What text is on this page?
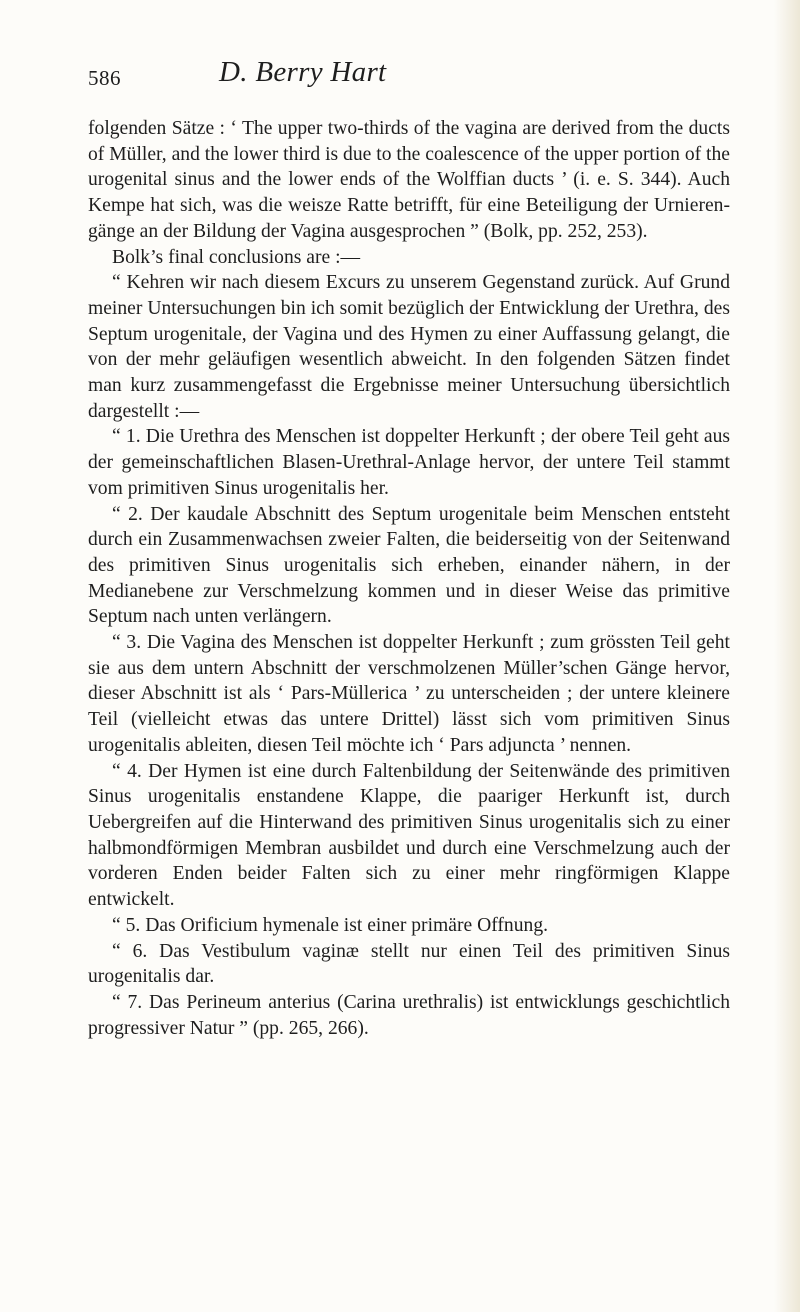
586	D. Berry Hart

folgenden Sätze : ‘ The upper two-thirds of the vagina are derived from the ducts of Müller, and the lower third is due to the coalescence of the upper portion of the urogenital sinus and the lower ends of the Wolffian ducts ’ (i. e. S. 344). Auch Kempe hat sich, was die weisze Ratte betrifft, für eine Beteiligung der Urnierengänge an der Bildung der Vagina ausgesprochen ” (Bolk, pp. 252, 253).

Bolk’s final conclusions are :—

“ Kehren wir nach diesem Excurs zu unserem Gegenstand zurück. Auf Grund meiner Untersuchungen bin ich somit bezüglich der Entwicklung der Urethra, des Septum urogenitale, der Vagina und des Hymen zu einer Auffassung gelangt, die von der mehr geläufigen wesentlich abweicht. In den folgenden Sätzen findet man kurz zusammengefasst die Ergebnisse meiner Untersuchung übersichtlich dargestellt :—

“ 1. Die Urethra des Menschen ist doppelter Herkunft ; der obere Teil geht aus der gemeinschaftlichen Blasen-Urethral-Anlage hervor, der untere Teil stammt vom primitiven Sinus urogenitalis her.

“ 2. Der kaudale Abschnitt des Septum urogenitale beim Menschen entsteht durch ein Zusammenwachsen zweier Falten, die beiderseitig von der Seitenwand des primitiven Sinus urogenitalis sich erheben, einander nähern, in der Medianebene zur Verschmelzung kommen und in dieser Weise das primitive Septum nach unten verlängern.

“ 3. Die Vagina des Menschen ist doppelter Herkunft ; zum grössten Teil geht sie aus dem untern Abschnitt der verschmolzenen Müller’schen Gänge hervor, dieser Abschnitt ist als ‘ Pars-Müllerica ’ zu unterscheiden ; der untere kleinere Teil (vielleicht etwas das untere Drittel) lässt sich vom primitiven Sinus urogenitalis ableiten, diesen Teil möchte ich ‘ Pars adjuncta ’ nennen.

“ 4. Der Hymen ist eine durch Faltenbildung der Seitenwände des primitiven Sinus urogenitalis enstandene Klappe, die paariger Herkunft ist, durch Uebergreifen auf die Hinterwand des primitiven Sinus urogenitalis sich zu einer halbmondförmigen Membran ausbildet und durch eine Verschmelzung auch der vorderen Enden beider Falten sich zu einer mehr ringförmigen Klappe entwickelt.

“ 5. Das Orificium hymenale ist einer primäre Offnung.

“ 6. Das Vestibulum vaginæ stellt nur einen Teil des primitiven Sinus urogenitalis dar.

“ 7. Das Perineum anterius (Carina urethralis) ist entwicklungs geschichtlich progressiver Natur ” (pp. 265, 266).
